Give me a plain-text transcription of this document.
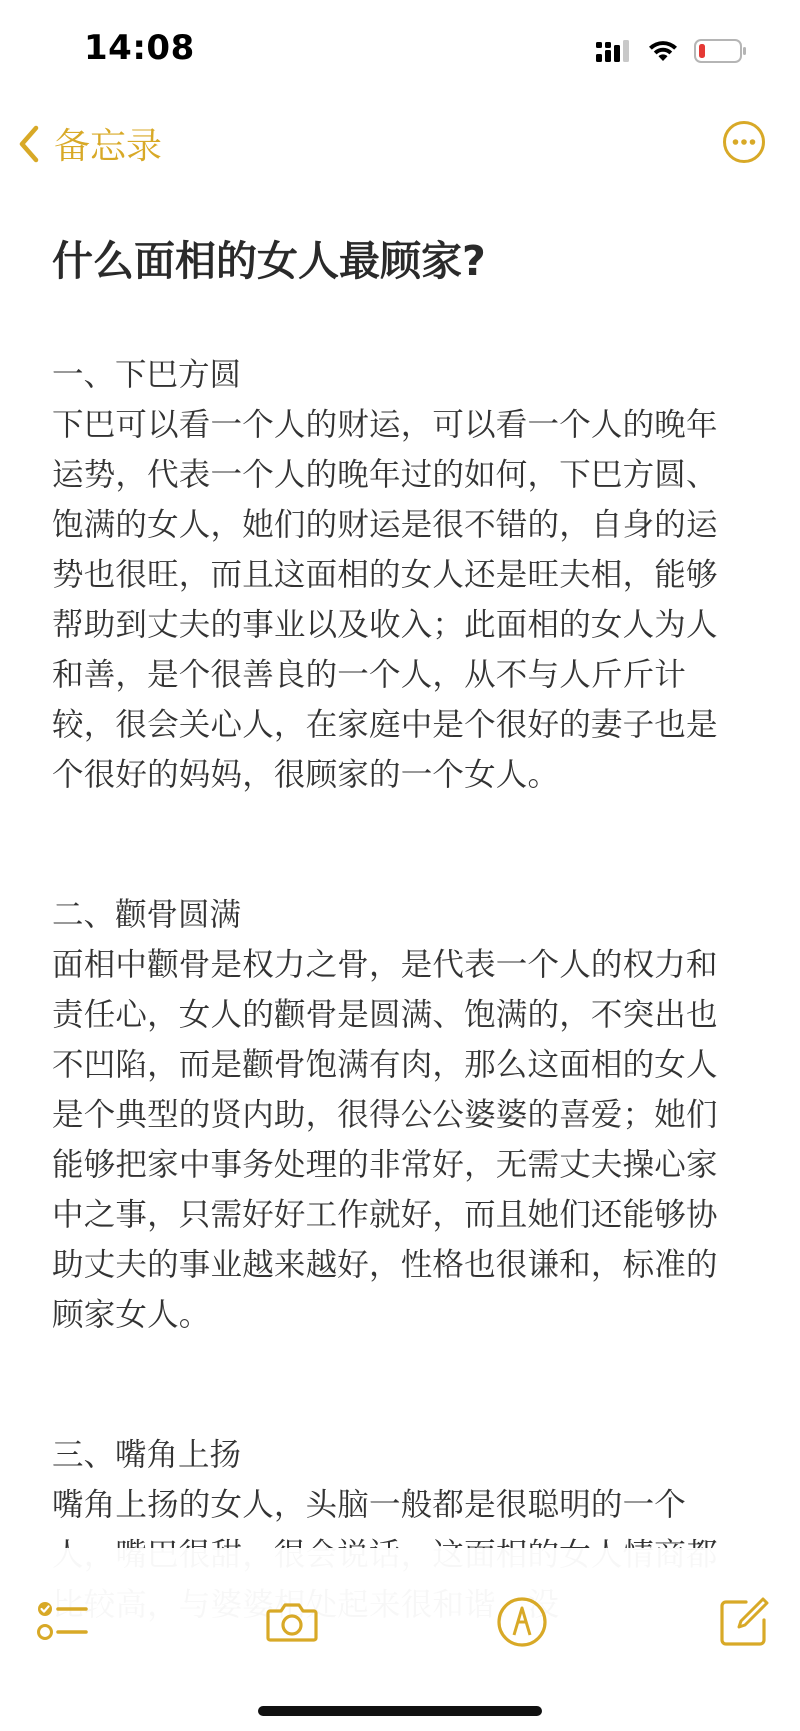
14:08
备忘录
什么面相的女人最顾家?

一、下巴方圆

下巴可以看一个人的财运，可以看一个人的晚年运势，代表一个人的晚年过的如何，下巴方圆、饱满的女人，她们的财运是很不错的，自身的运势也很旺，而且这面相的女人还是旺夫相，能够帮助到丈夫的事业以及收入；此面相的女人为人和善，是个很善良的一个人，从不与人斤斤计较，很会关心人，在家庭中是个很好的妻子也是个很好的妈妈，很顾家的一个女人。

二、颧骨圆满

面相中颧骨是权力之骨，是代表一个人的权力和责任心，女人的颧骨是圆满、饱满的，不突出也不凹陷，而是颧骨饱满有肉，那么这面相的女人是个典型的贤内助，很得公公婆婆的喜爱；她们能够把家中事务处理的非常好，无需丈夫操心家中之事，只需好好工作就好，而且她们还能够协助丈夫的事业越来越好，性格也很谦和，标准的顾家女人。

三、嘴角上扬

嘴角上扬的女人，头脑一般都是很聪明的一个
